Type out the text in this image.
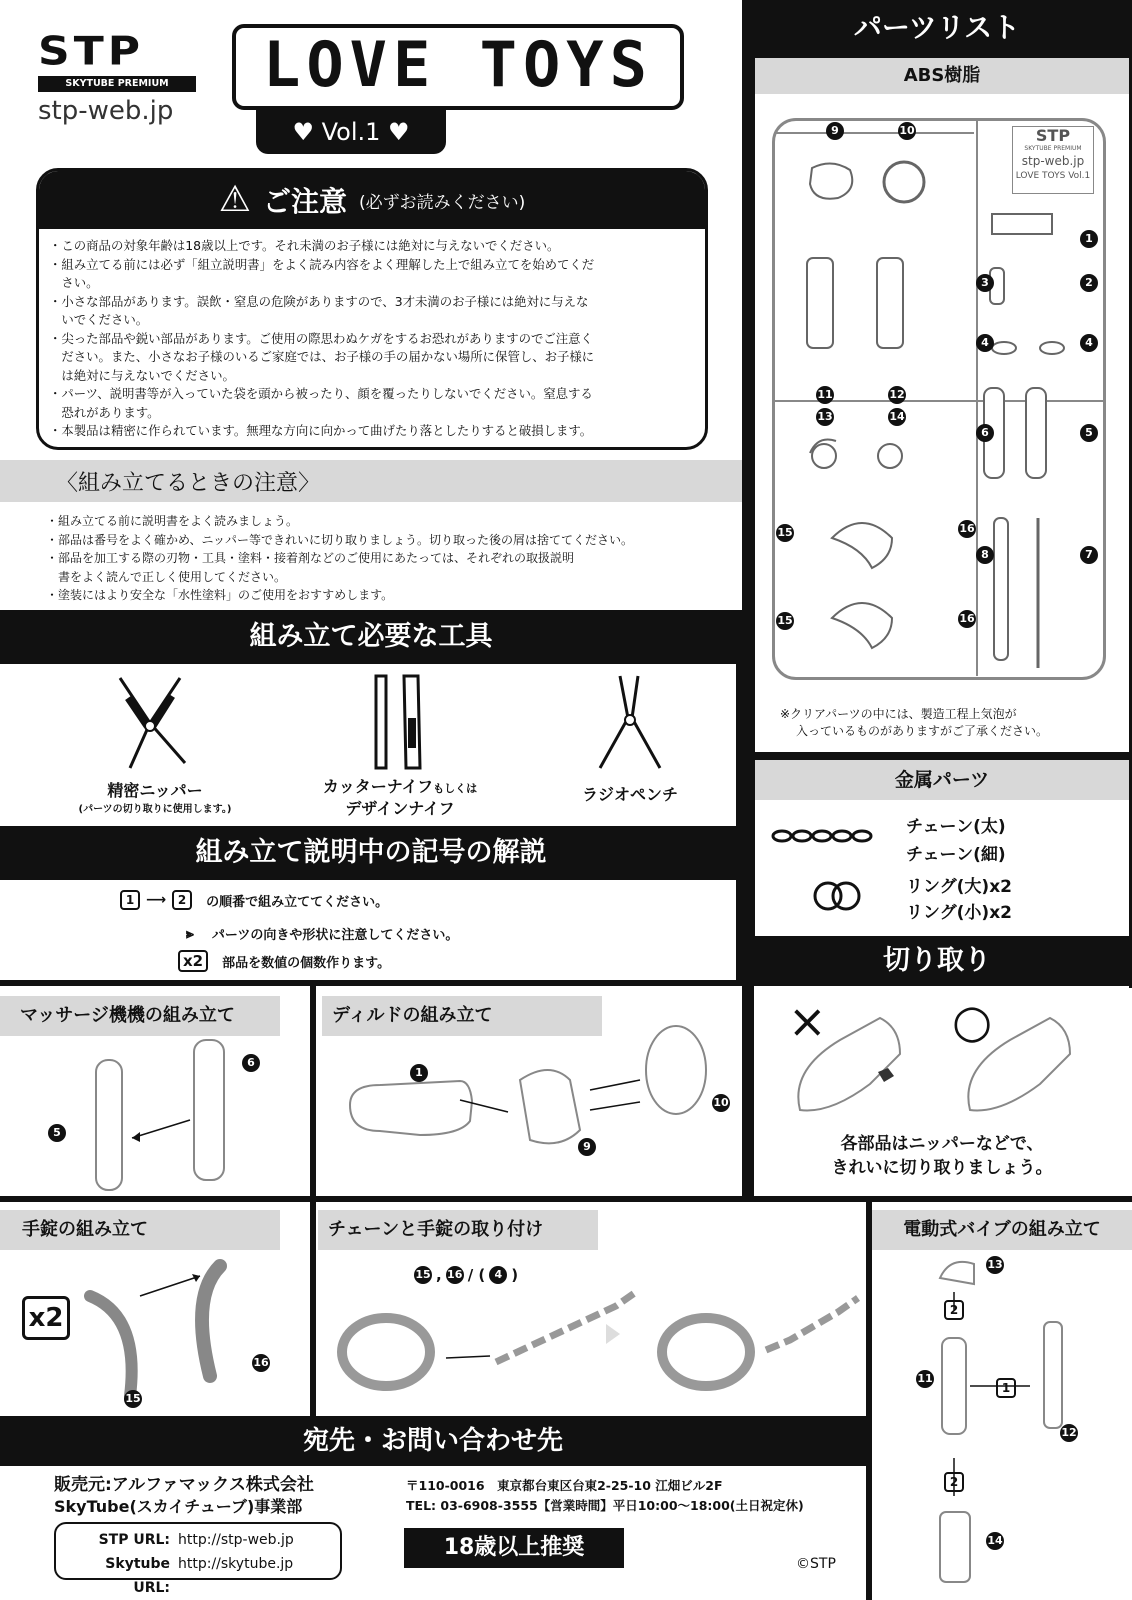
STP
SKYTUBE PREMIUM
stp-web.jp
LOVE TOYS
♥ Vol.1 ♥
⚠ ご注意 (必ずお読みください)
・この商品の対象年齢は18歳以上です。それ未満のお子様には絶対に与えないでください。
・組み立てる前には必ず「組立説明書」をよく読み内容をよく理解した上で組み立てを始めてくだ
　さい。
・小さな部品があります。誤飲・窒息の危険がありますので、3才未満のお子様には絶対に与えな
　いでください。
・尖った部品や鋭い部品があります。ご使用の際思わぬケガをするお恐れがありますのでご注意く
　ださい。また、小さなお子様のいるご家庭では、お子様の手の届かない場所に保管し、お子様に
　は絶対に与えないでください。
・パーツ、説明書等が入っていた袋を頭から被ったり、顔を覆ったりしないでください。窒息する
　恐れがあります。
・本製品は精密に作られています。無理な方向に向かって曲げたり落としたりすると破損します。
〈組み立てるときの注意〉
・組み立てる前に説明書をよく読みましょう。
・部品は番号をよく確かめ、ニッパー等できれいに切り取りましょう。切り取った後の屑は捨ててください。
・部品を加工する際の刃物・工具・塗料・接着剤などのご使用にあたっては、それぞれの取扱説明
　書をよく読んで正しく使用してください。
・塗装にはより安全な「水性塗料」のご使用をおすすめします。
組み立て必要な工具
精密ニッパー
(パーツの切り取りに使用します。)
カッターナイフもしくは
デザインナイフ
ラジオペンチ
組み立て説明中の記号の解説
1 ⟶ 2	の順番で組み立ててください。
⫸ パーツの向きや形状に注意してください。
x2	部品を数値の個数作ります。
パーツリスト
ABS樹脂
STP
SKYTUBE PREMIUM
stp-web.jp
LOVE TOYS Vol.1
9	10
1
3	2
4	4
11	12
13	14
6	5
15	16
8	7
15	16
※クリアパーツの中には、製造工程上気泡が
入っているものがありますがご了承ください。
金属パーツ
チェーン(太)
チェーン(細)
リング(大)x2
リング(小)x2
切り取り
マッサージ機機の組み立て
5
6
ディルドの組み立て
1
9
10
×	○
各部品はニッパーなどで、
きれいに切り取りましょう。
手錠の組み立て
x2
15
16
チェーンと手錠の取り付け
15 , 16 / ( 4 )
電動式バイブの組み立て
13
2
11
1
12
2
14
宛先・お問い合わせ先
販売元:アルファマックス株式会社
SkyTube(スカイチューブ)事業部
〒110-0016　東京都台東区台東2-25-10 江畑ビル2F
TEL: 03-6908-3555【営業時間】平日10:00～18:00(土日祝定休)
STP URL: http://stp-web.jp
Skytube URL:
http://skytube.jp
18歳以上推奨
©STP
